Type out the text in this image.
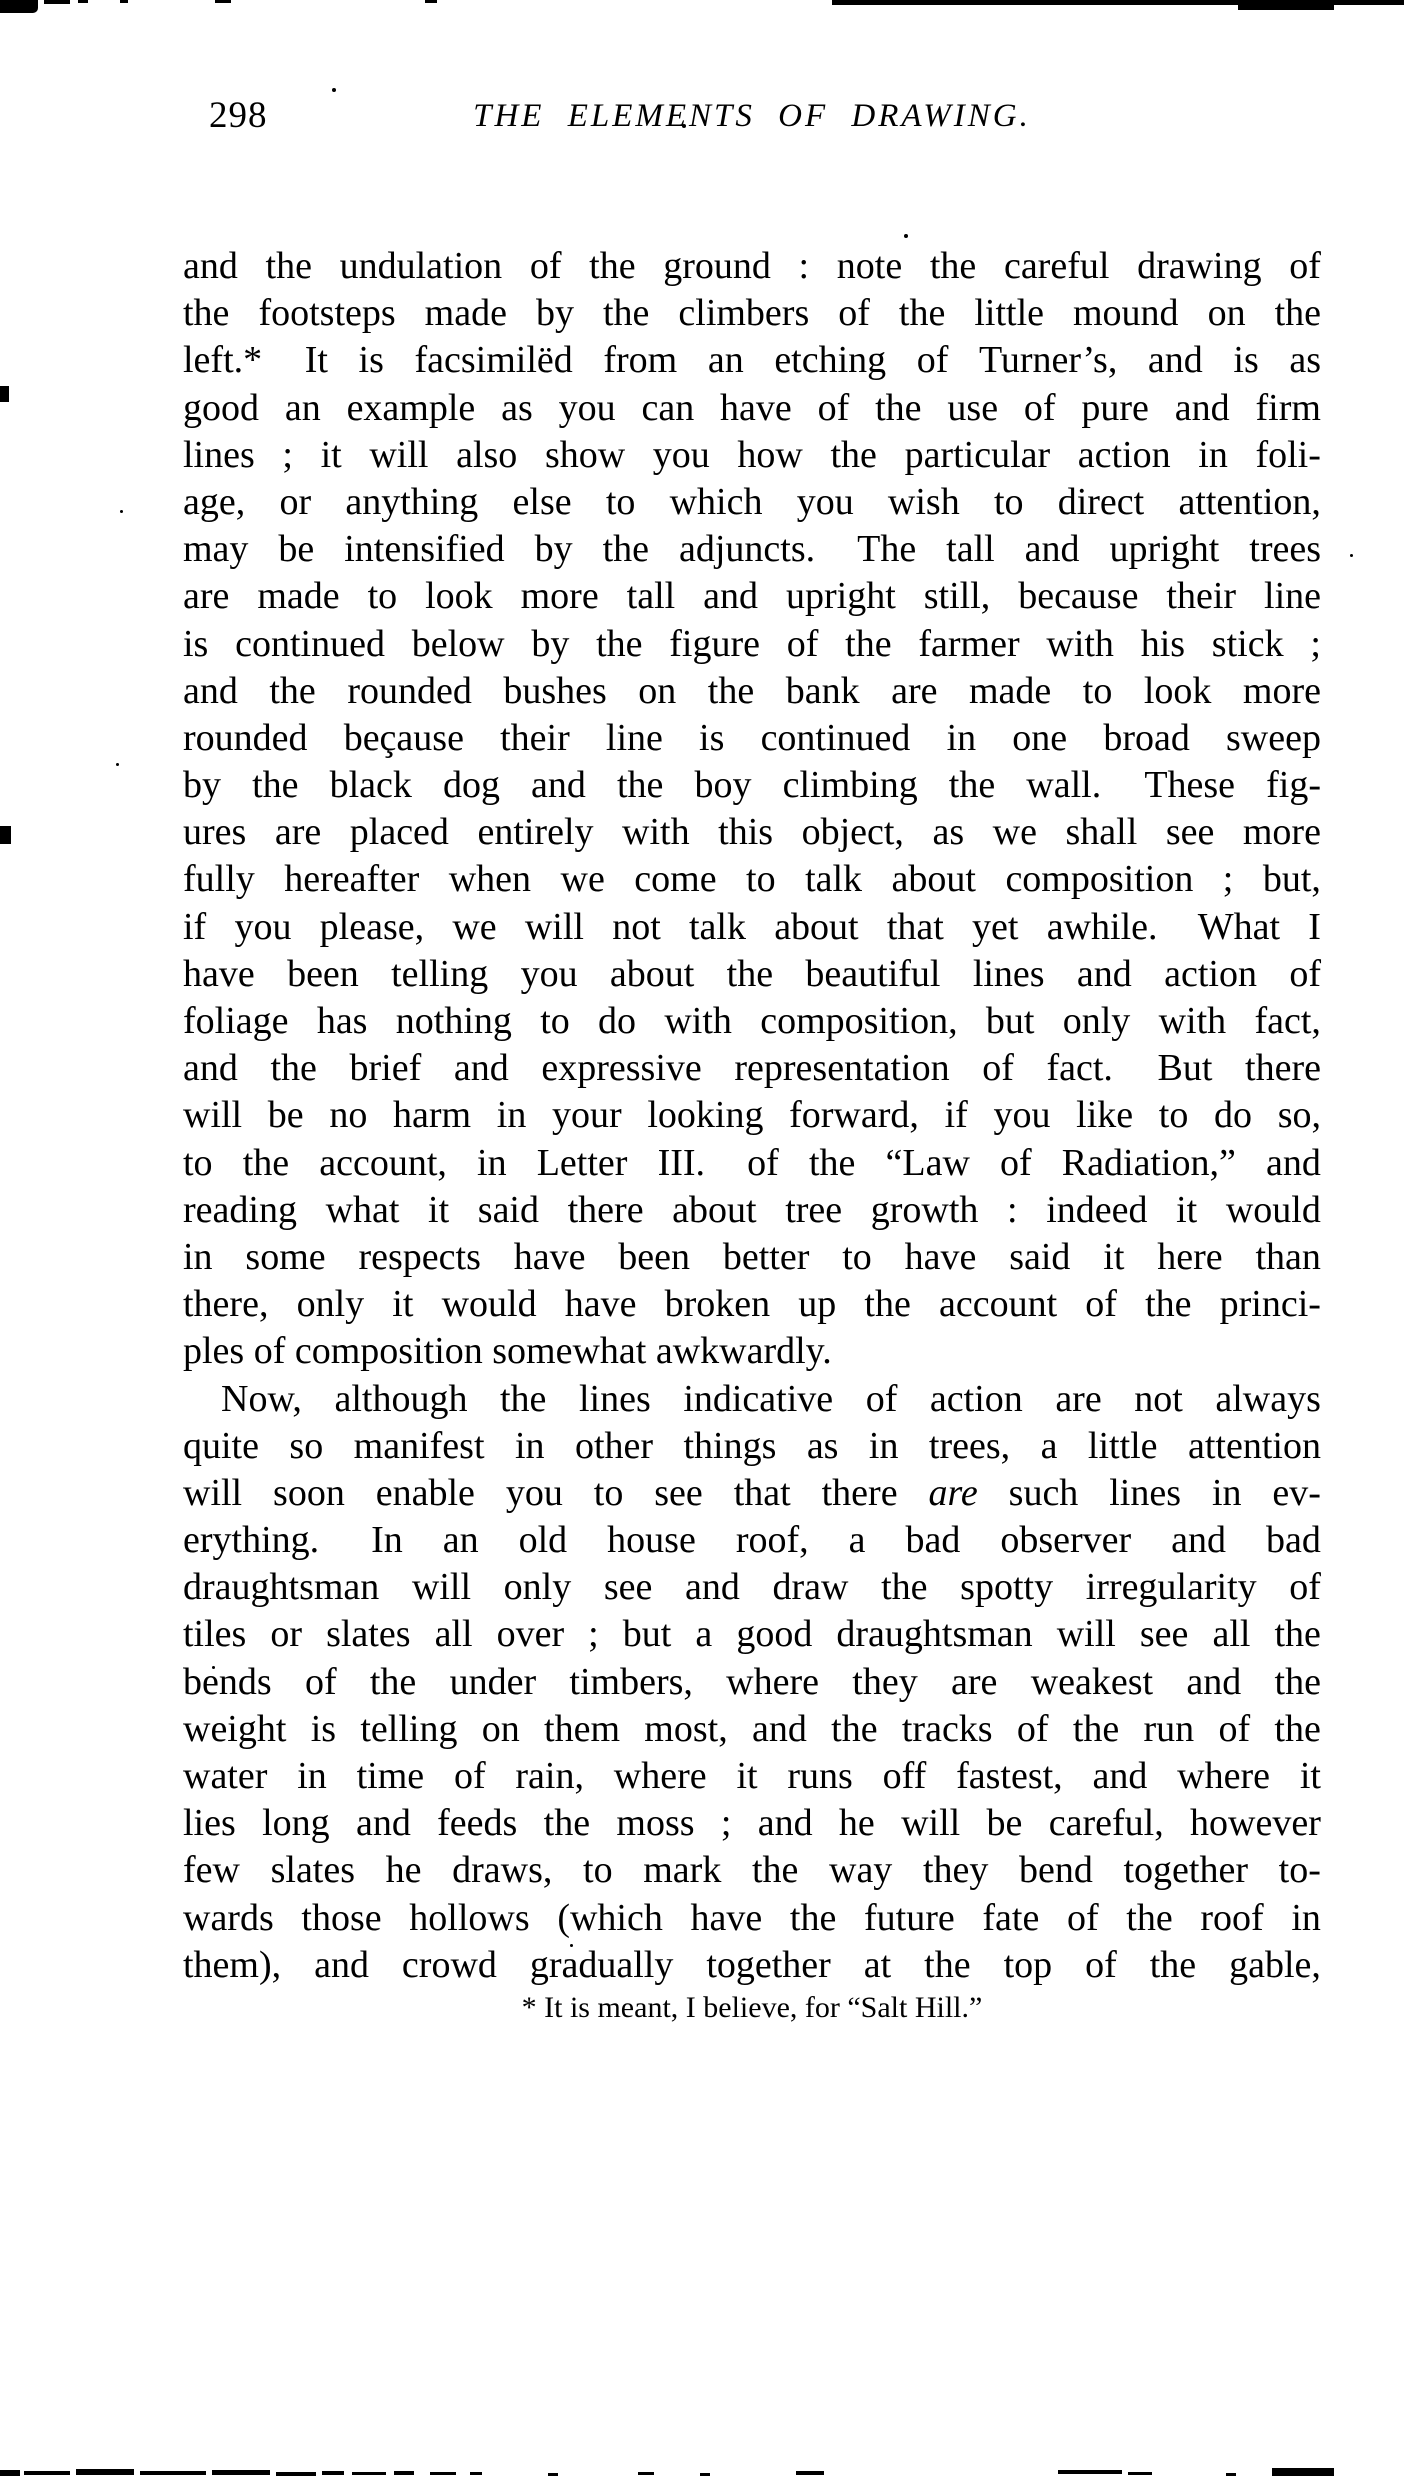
298	THE ELEMENTS OF DRAWING.
and the undulation of the ground : note the careful drawing of
the footsteps made by the climbers of the little mound on the
left.* It is facsimilëd from an etching of Turner’s, and is as
good an example as you can have of the use of pure and firm
lines ; it will also show you how the particular action in foli-
age, or anything else to which you wish to direct attention,
may be intensified by the adjuncts. The tall and upright trees
are made to look more tall and upright still, because their line
is continued below by the figure of the farmer with his stick ;
and the rounded bushes on the bank are made to look more
rounded beçause their line is continued in one broad sweep
by the black dog and the boy climbing the wall. These fig-
ures are placed entirely with this object, as we shall see more
fully hereafter when we come to talk about composition ; but,
if you please, we will not talk about that yet awhile. What I
have been telling you about the beautiful lines and action of
foliage has nothing to do with composition, but only with fact,
and the brief and expressive representation of fact. But there
will be no harm in your looking forward, if you like to do so,
to the account, in Letter III. of the “Law of Radiation,” and
reading what it said there about tree growth : indeed it would
in some respects have been better to have said it here than
there, only it would have broken up the account of the princi-
ples of composition somewhat awkwardly.
Now, although the lines indicative of action are not always
quite so manifest in other things as in trees, a little attention
will soon enable you to see that there are such lines in ev-
erything. In an old house roof, a bad observer and bad
draughtsman will only see and draw the spotty irregularity of
tiles or slates all over ; but a good draughtsman will see all the
bends of the under timbers, where they are weakest and the
weight is telling on them most, and the tracks of the run of the
water in time of rain, where it runs off fastest, and where it
lies long and feeds the moss ; and he will be careful, however
few slates he draws, to mark the way they bend together to-
wards those hollows (which have the future fate of the roof in
them), and crowd gradually together at the top of the gable,
* It is meant, I believe, for “Salt Hill.”
